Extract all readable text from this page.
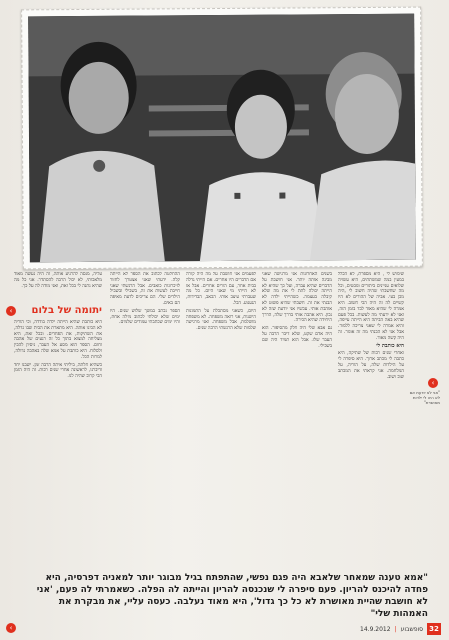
"אני לא יודעת אם לא היה לי ילדות מאושרת"
‹

שימוש לי , היא מספרת, לא הכלל במעין במה שמשתתים, היא עשויה שלואים עניינים ביתורים ומבטים, וכל מה שחשבתי שהיה חשוב לי ,היה מכן בעי. אביה של ההורים לא היו קשיים לה זה היה הכי חשוב. היא אמרה לי שהיא מאוד לבד בזמן הזה, ואני לא ידעתי מה לעשות. בכל פעם שהיא באה הביתה היא הייתה עייפה, והיא אמרה לי שאני צריכה ללמוד. אבל אני לא הבנתי מה זה אומר. זה היה קשה מאוד.

היא כותבת לי

ואחרי שנים רבות של שתיקה, היא כתבה לי מכתב ארוך. היא סיפרה לי על הילדות שלה, על הוריה, על המלחמה. אני קראתי את המכתב שוב ושוב.

בשנים האחרונות אני מרגישה שאני מבינה אותה יותר. אני חושבת על הדברים שהיא עברה, ועל כך שהיא לא הייתה יכולה לתת לי את מה שלא קיבלה בעצמה. כשהייתי ילדה לא הבנתי את זה. חשבתי שהיא פשוט לא אוהבת אותי. עכשיו אני יודעת שזה לא נכון. היא אהבה אותי בדרך שלה, הדרך היחידה שהיא הכירה.

גם אבא שלי היה חלק מהסיפור. הוא היה אדם שקט, שלא דיבר הרבה על העבר שלו. אבל הוא תמיד היה שם בשבילי.

לפעמים אני חושבת על מה היה קורה אם הדברים היו אחרים. אם הייתי גדלה בבית אחר, עם הורים אחרים. אבל אז לא הייתי מי שאני היום. כל מה שעברתי עיצב אותי. הכאב, הבדידות, הגעגוע. הכל.

היום, כשאני מסתכלת על התמונות הישנות, אני רואה משפחה. לא משפחה מושלמת, אבל משפחה. ואני מרגישה שלמות שלא הרגשתי הרבה שנים.

ההחלטה לכתוב את הספר לא הייתה קלה. ידעתי שאני אצטרך לחזור לזיכרונות כואבים. אבל הרגשתי שאני חייבת לעשות את זה, בשבילי ובשביל הילדים שלי. הם צריכים לדעת מאיפה הם באים.

הספר נכתב במשך שלוש שנים. היו ימים שלא יכולתי לכתוב מילה אחת, והיו ימים שכתבתי עמודים שלמים.

עליה, מנסה להרגיע אותה, זה היה נעשה מאוד מלאכותי, לא יכול הרבה להסתדר. אני כל מה שהיא נתנה לי בכל זאת, ואני מודה לה על כך.

יתומה של בלום
‹

היא כותבת שהיא הייתה ילדה בודדה, וכי הוריה לא הבינו אותה. היא מתארת את הבית שבו גדלה, את השתיקות, את הפחדים. ובכל זאת, היא מצליחה למצוא בתוך כל זה רגעים של אהבה וחום. הספר הוא מסע אל העבר, ניסיון להבין ולסלוח. היא כותבת על אמא שלה באהבה גדולה, למרות הכל.

כשהיא חלתה, ביליתי איתה הרבה זמן. ישבנו יחד ודיברנו, לראשונה אחרי שנים רבות. זה היה הזמן הכי קרוב שהיה לנו.

"אמא טענה שמאחר שלאבא היה פגם נפשי, שהתפתח בגיל מבוגר יותר למאניה דפרסיה, היא פחדה להיכנס להריון. פעם סיפרה לי שנכנסה להריון והייתה לה הפלה. כשאמרתי לה פעם, 'אני לא חושבת שהיית מאושרת לא כל כך גדול', היא מאוד נעלבה. כעסה עליי, את מבקרת את האמהות שלי"
‹	14.9.2012 | סופשבוע 32
